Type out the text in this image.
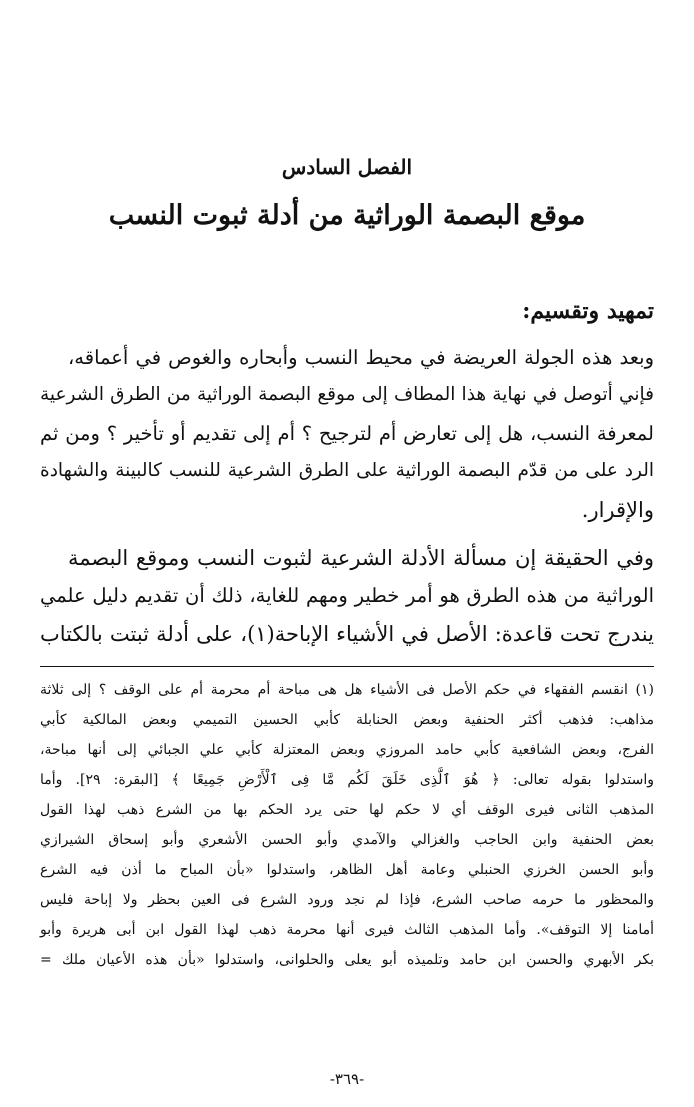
الفصل السادس
موقع البصمة الوراثية من أدلة ثبوت النسب
تمهيد وتقسيم:
وبعد هذه الجولة العريضة في محيط النسب وأبحاره والغوص في أعماقه،
فإني أتوصل في نهاية هذا المطاف إلى موقع البصمة الوراثية من الطرق الشرعية
لمعرفة النسب، هل إلى تعارض أم لترجيح ؟ أم إلى تقديم أو تأخير ؟ ومن ثم
الرد على من قدّم البصمة الوراثية على الطرق الشرعية للنسب كالبينة والشهادة
والإقرار.
وفي الحقيقة إن مسألة الأدلة الشرعية لثبوت النسب وموقع البصمة
الوراثية من هذه الطرق هو أمر خطير ومهم للغاية، ذلك أن تقديم دليل علمي
يندرج تحت قاعدة: الأصل في الأشياء الإباحة(١)، على أدلة ثبتت بالكتاب
(١) انقسم الفقهاء في حكم الأصل فى الأشياء هل هى مباحة أم محرمة أم على الوقف ؟ إلى ثلاثة
مذاهب: فذهب أكثر الحنفية وبعض الحنابلة كأبي الحسين التميمي وبعض المالكية كأبي
الفرج، وبعض الشافعية كأبي حامد المروزي وبعض المعتزلة كأبي علي الجبائي إلى أنها مباحة،
واستدلوا بقوله تعالى: ﴿ هُوَ ٱلَّذِى خَلَقَ لَكُم مَّا فِى ٱلْأَرْضِ جَمِيعًا ﴾ [البقرة: ٢٩]. وأما
المذهب الثانى فيرى الوقف أي لا حكم لها حتى يرد الحكم بها من الشرع ذهب لهذا القول
بعض الحنفية وابن الحاجب والغزالي والآمدي وأبو الحسن الأشعري وأبو إسحاق الشيرازي
وأبو الحسن الخرزي الحنبلي وعامة أهل الظاهر، واستدلوا «بأن المباح ما أذن فيه الشرع
والمحظور ما حرمه صاحب الشرع، فإذا لم نجد ورود الشرع فى العين بحظر ولا إباحة فليس
أمامنا إلا التوقف». وأما المذهب الثالث فيرى أنها محرمة ذهب لهذا القول ابن أبى هريرة وأبو
بكر الأبهري والحسن ابن حامد وتلميذه أبو يعلى والحلوانى، واستدلوا «بأن هذه الأعيان ملك =
-٣٦٩-
